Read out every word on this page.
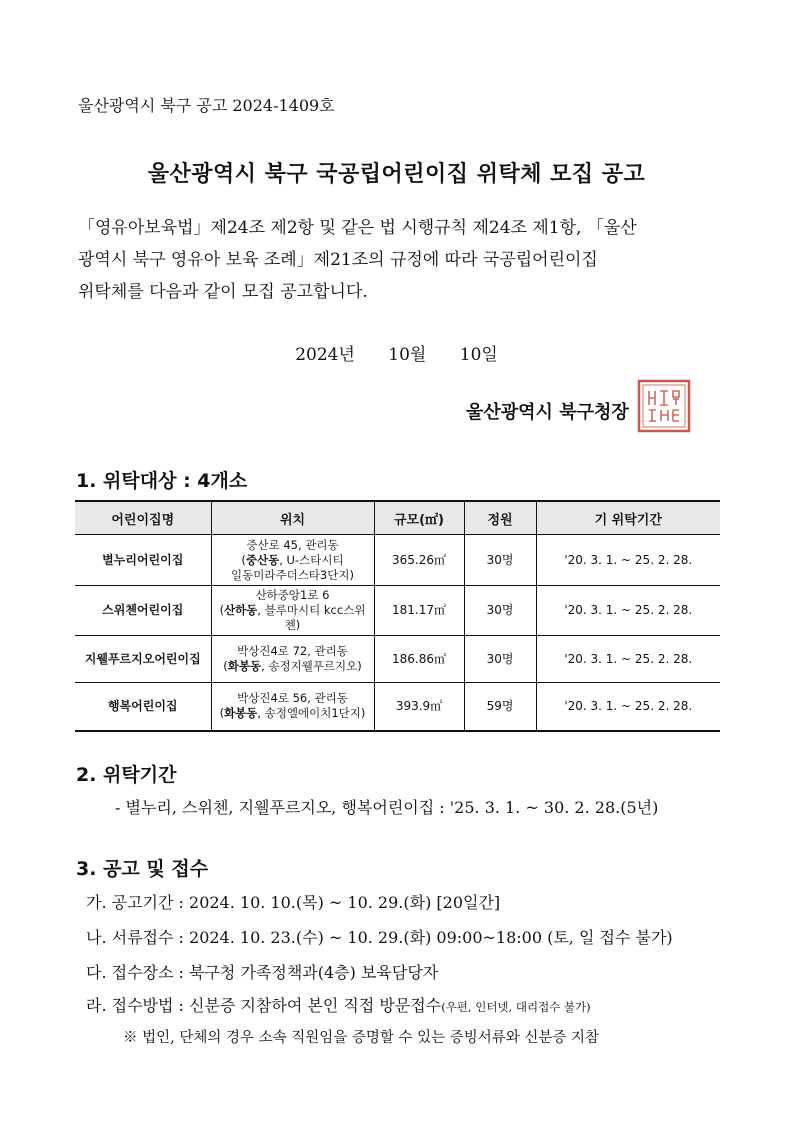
울산광역시 북구 공고 2024-1409호
울산광역시 북구 국공립어린이집 위탁체 모집 공고
「영유아보육법」제24조 제2항 및 같은 법 시행규칙 제24조 제1항, 「울산
광역시 북구 영유아 보육 조례」제21조의 규정에 따라 국공립어린이집
위탁체를 다음과 같이 모집 공고합니다.
2024년 10월 10일
울산광역시 북구청장
1. 위탁대상 : 4개소
어린이집명	위치	규모(㎡)	정원	기 위탁기간
별누리어린이집	중산로 45, 관리동
(중산동, U-스타시티
일동미라주더스타3단지)	365.26㎡	30명	'20. 3. 1. ~ 25. 2. 28.
스위첸어린이집	산하중앙1로 6
(산하동, 블루마시티 kcc스위첸)	181.17㎡	30명	'20. 3. 1. ~ 25. 2. 28.
지웰푸르지오어린이집	박상진4로 72, 관리동
(화봉동, 송정지웰푸르지오)	186.86㎡	30명	'20. 3. 1. ~ 25. 2. 28.
행복어린이집	박상진4로 56, 관리동
(화봉동, 송정엘에이치1단지)	393.9㎡	59명	'20. 3. 1. ~ 25. 2. 28.
2. 위탁기간
- 별누리, 스위첸, 지웰푸르지오, 행복어린이집 : '25. 3. 1. ~ 30. 2. 28.(5년)
3. 공고 및 접수
가. 공고기간 : 2024. 10. 10.(목) ~ 10. 29.(화) [20일간]
나. 서류접수 : 2024. 10. 23.(수) ~ 10. 29.(화) 09:00~18:00 (토, 일 접수 불가)
다. 접수장소 : 북구청 가족정책과(4층) 보육담당자
라. 접수방법 : 신분증 지참하여 본인 직접 방문접수(우편, 인터넷, 대리접수 불가)
※ 법인, 단체의 경우 소속 직원임을 증명할 수 있는 증빙서류와 신분증 지참
